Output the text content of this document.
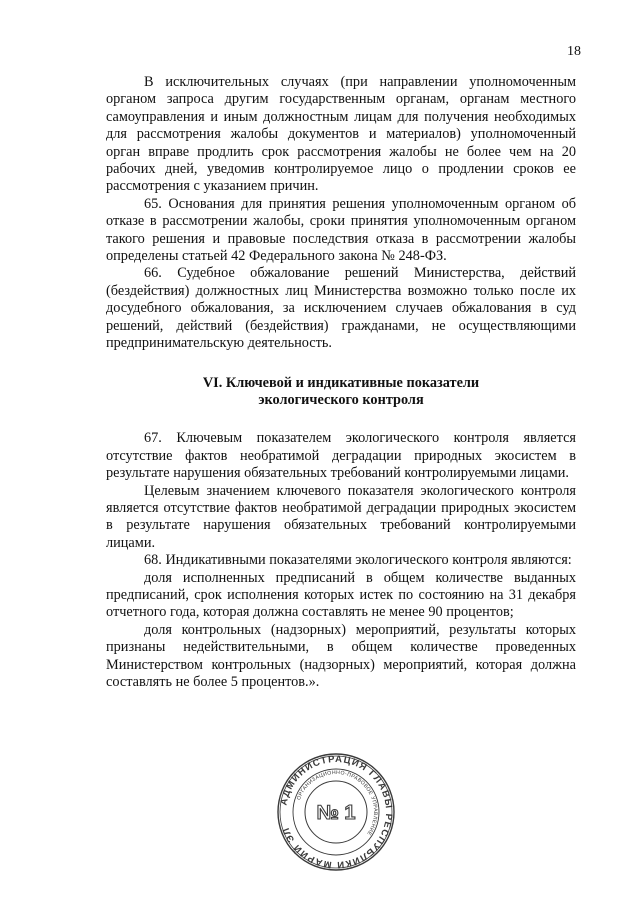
18

В исключительных случаях (при направлении уполномоченным органом запроса другим государственным органам, органам местного самоуправления и иным должностным лицам для получения необходимых для рассмотрения жалобы документов и материалов) уполномоченный орган вправе продлить срок рассмотрения жалобы не более чем на 20 рабочих дней, уведомив контролируемое лицо о продлении сроков ее рассмотрения с указанием причин.

65. Основания для принятия решения уполномоченным органом об отказе в рассмотрении жалобы, сроки принятия уполномоченным органом такого решения и правовые последствия отказа в рассмотрении жалобы определены статьей 42 Федерального закона № 248-ФЗ.

66. Судебное обжалование решений Министерства, действий (бездействия) должностных лиц Министерства возможно только после их досудебного обжалования, за исключением случаев обжалования в суд решений, действий (бездействия) гражданами, не осуществляющими предпринимательскую деятельность.

VI. Ключевой и индикативные показатели
экологического контроля

67. Ключевым показателем экологического контроля является отсутствие фактов необратимой деградации природных экосистем в результате нарушения обязательных требований контролируемыми лицами.

Целевым значением ключевого показателя экологического контроля является отсутствие фактов необратимой деградации природных экосистем в результате нарушения обязательных требований контролируемыми лицами.

68. Индикативными показателями экологического контроля являются:

доля исполненных предписаний в общем количестве выданных предписаний, срок исполнения которых истек по состоянию на 31 декабря отчетного года, которая должна составлять не менее 90 процентов;

доля контрольных (надзорных) мероприятий, результаты которых признаны недействительными, в общем количестве проведенных Министерством контрольных (надзорных) мероприятий, которая должна составлять не более 5 процентов.».

АДМИНИСТРАЦИЯ ГЛАВЫ РЕСПУБЛИКИ МАРИЙ ЭЛ
ОРГАНИЗАЦИОННО-ПРАВОВОЕ УПРАВЛЕНИЕ
№ 1
